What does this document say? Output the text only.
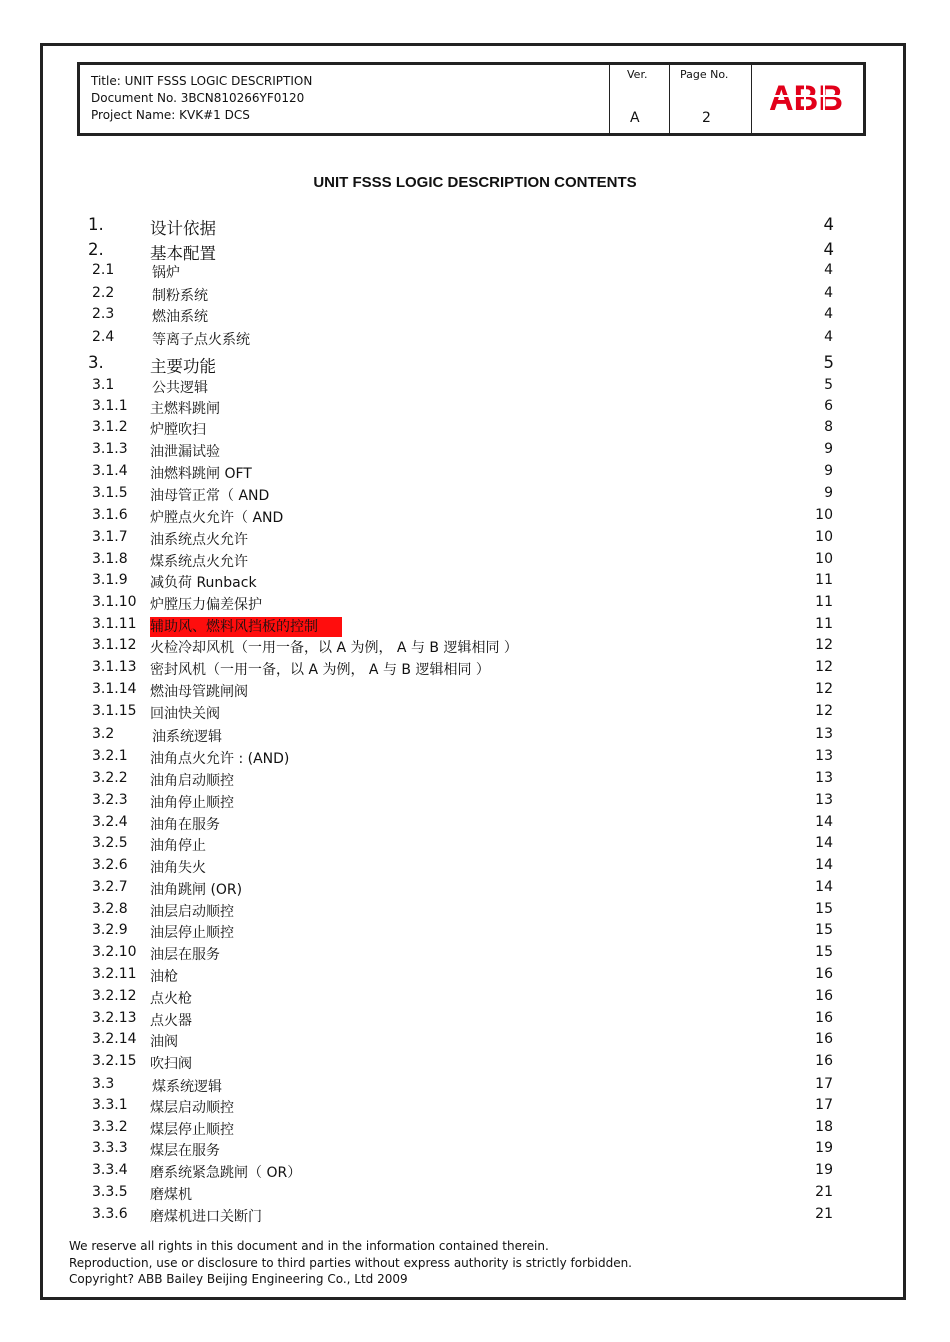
Title: UNIT FSSS LOGIC DESCRIPTION
Document No. 3BCN810266YF0120
Project Name: KVK#1 DCS
Ver.
A
Page No.
2
UNIT FSSS LOGIC DESCRIPTION CONTENTS
1.	设计依据	4
2.	基本配置	4
2.1	锅炉	4
2.2	制粉系统	4
2.3	燃油系统	4
2.4	等离子点火系统	4
3.	主要功能	5
3.1	公共逻辑	5
3.1.1 主燃料跳闸	6
3.1.2 炉膛吹扫	8
3.1.3 油泄漏试验	9
3.1.4 油燃料跳闸 OFT	9
3.1.5 油母管正常（ AND	9
3.1.6 炉膛点火允许（ AND	10
3.1.7 油系统点火允许	10
3.1.8 煤系统点火允许	10
3.1.9 减负荷 Runback	11
3.1.10 炉膛压力偏差保护	11
3.1.11 辅助风、燃料风挡板的控制	11
3.1.12 火检冷却风机（一用一备，以 A 为例， A 与 B 逻辑相同 ）	12
3.1.13 密封风机（一用一备，以 A 为例， A 与 B 逻辑相同 ）	12
3.1.14 燃油母管跳闸阀	12
3.1.15 回油快关阀	12
3.2	油系统逻辑	13
3.2.1 油角点火允许 : (AND)	13
3.2.2 油角启动顺控	13
3.2.3 油角停止顺控	13
3.2.4 油角在服务	14
3.2.5 油角停止	14
3.2.6 油角失火	14
3.2.7 油角跳闸 (OR)	14
3.2.8 油层启动顺控	15
3.2.9 油层停止顺控	15
3.2.10 油层在服务	15
3.2.11 油枪	16
3.2.12 点火枪	16
3.2.13 点火器	16
3.2.14 油阀	16
3.2.15 吹扫阀	16
3.3	煤系统逻辑	17
3.3.1 煤层启动顺控	17
3.3.2 煤层停止顺控	18
3.3.3 煤层在服务	19
3.3.4 磨系统紧急跳闸（ OR）	19
3.3.5 磨煤机	21
3.3.6 磨煤机进口关断门	21
We reserve all rights in this document and in the information contained therein.
Reproduction, use or disclosure to third parties without express authority is strictly forbidden.
Copyright? ABB Bailey Beijing Engineering Co., Ltd 2009
